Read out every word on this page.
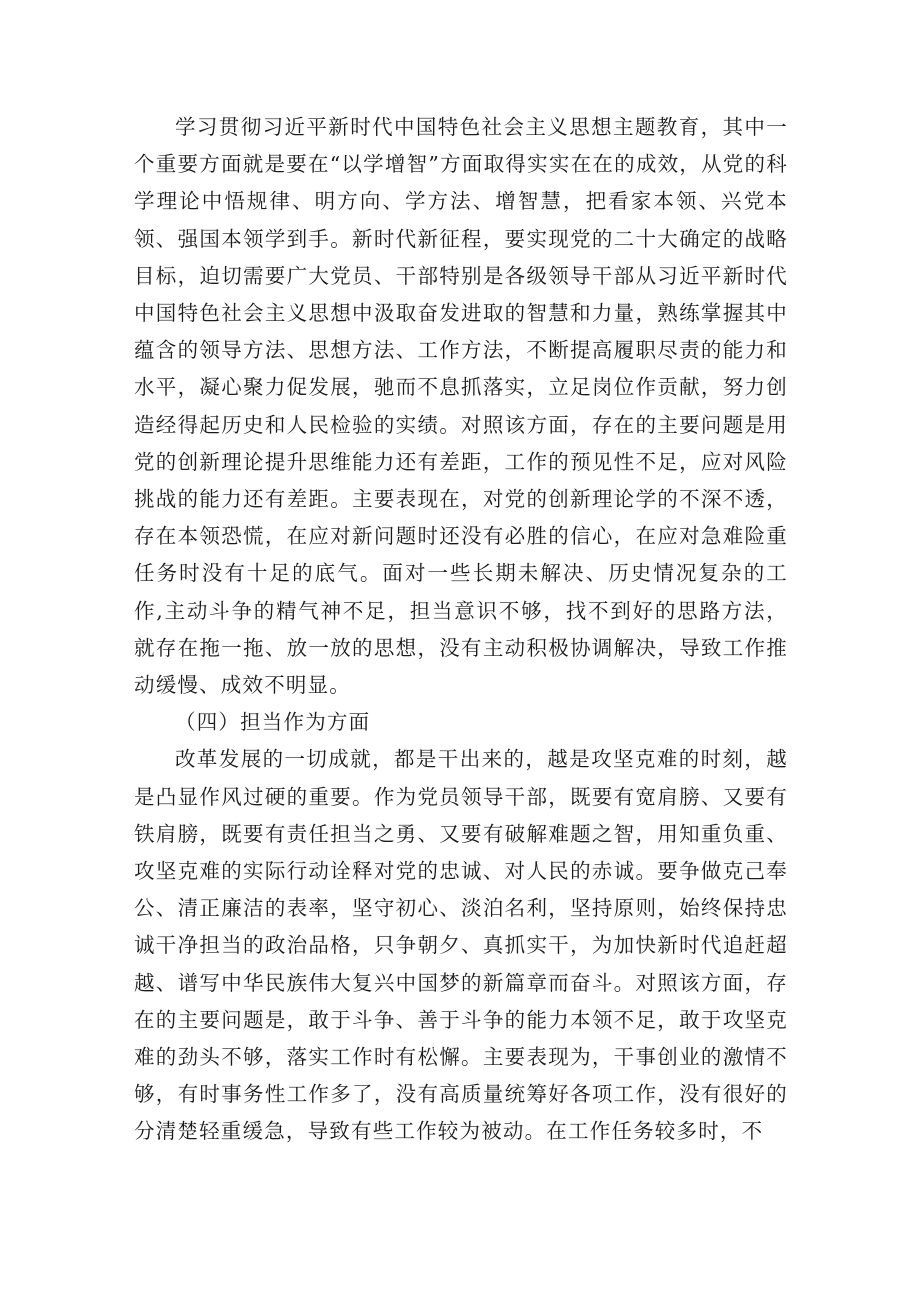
学习贯彻习近平新时代中国特色社会主义思想主题教育，其中一个重要方面就是要在“以学增智”方面取得实实在在的成效，从党的科学理论中悟规律、明方向、学方法、增智慧，把看家本领、兴党本领、强国本领学到手。新时代新征程，要实现党的二十大确定的战略目标，迫切需要广大党员、干部特别是各级领导干部从习近平新时代中国特色社会主义思想中汲取奋发进取的智慧和力量，熟练掌握其中蕴含的领导方法、思想方法、工作方法，不断提高履职尽责的能力和水平，凝心聚力促发展，驰而不息抓落实，立足岗位作贡献，努力创造经得起历史和人民检验的实绩。对照该方面，存在的主要问题是用党的创新理论提升思维能力还有差距，工作的预见性不足，应对风险挑战的能力还有差距。主要表现在，对党的创新理论学的不深不透，存在本领恐慌，在应对新问题时还没有必胜的信心，在应对急难险重任务时没有十足的底气。面对一些长期未解决、历史情况复杂的工作,主动斗争的精气神不足，担当意识不够，找不到好的思路方法，就存在拖一拖、放一放的思想，没有主动积极协调解决，导致工作推动缓慢、成效不明显。

（四）担当作为方面

改革发展的一切成就，都是干出来的，越是攻坚克难的时刻，越是凸显作风过硬的重要。作为党员领导干部，既要有宽肩膀、又要有铁肩膀，既要有责任担当之勇、又要有破解难题之智，用知重负重、攻坚克难的实际行动诠释对党的忠诚、对人民的赤诚。要争做克己奉公、清正廉洁的表率，坚守初心、淡泊名利，坚持原则，始终保持忠诚干净担当的政治品格，只争朝夕、真抓实干，为加快新时代追赶超越、谱写中华民族伟大复兴中国梦的新篇章而奋斗。对照该方面，存在的主要问题是，敢于斗争、善于斗争的能力本领不足，敢于攻坚克难的劲头不够，落实工作时有松懈。主要表现为，干事创业的激情不够，有时事务性工作多了，没有高质量统筹好各项工作，没有很好的分清楚轻重缓急，导致有些工作较为被动。在工作任务较多时，不
